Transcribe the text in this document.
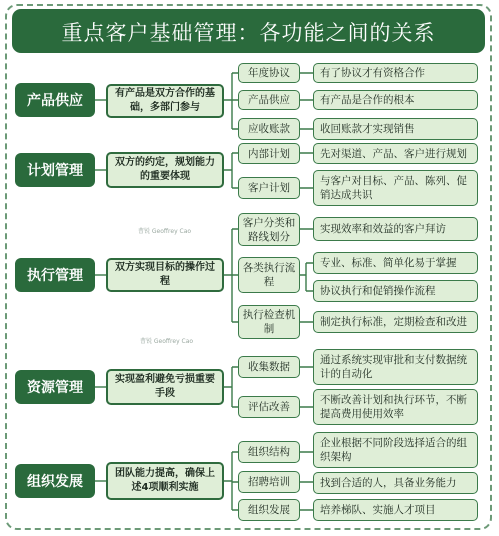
重点客户基础管理：各功能之间的关系
产品供应	有产品是双方合作的基础，多部门参与
年度协议
产品供应
应收账款
有了协议才有资格合作
有产品是合作的根本
收回账款才实现销售
计划管理
双方的约定，规划能力的重要体现
内部计划
客户计划
先对渠道、产品、客户进行规划
与客户对目标、产品、陈列、促销达成共识
曹锐 Geoffrey Cao
执行管理
双方实现目标的操作过程
客户分类和路线划分
各类执行流程
执行检查机制
实现效率和效益的客户拜访
专业、标准、简单化易于掌握
协议执行和促销操作流程
制定执行标准，定期检查和改进
曹锐 Geoffrey Cao
资源管理
实现盈利避免亏损重要手段
收集数据
评估改善
通过系统实现审批和支付数据统计的自动化
不断改善计划和执行环节，不断提高费用使用效率
组织发展
团队能力提高，确保上述4项顺利实施
组织结构
招聘培训
组织发展
企业根据不同阶段选择适合的组织架构
找到合适的人，具备业务能力
培养梯队、实施人才项目
